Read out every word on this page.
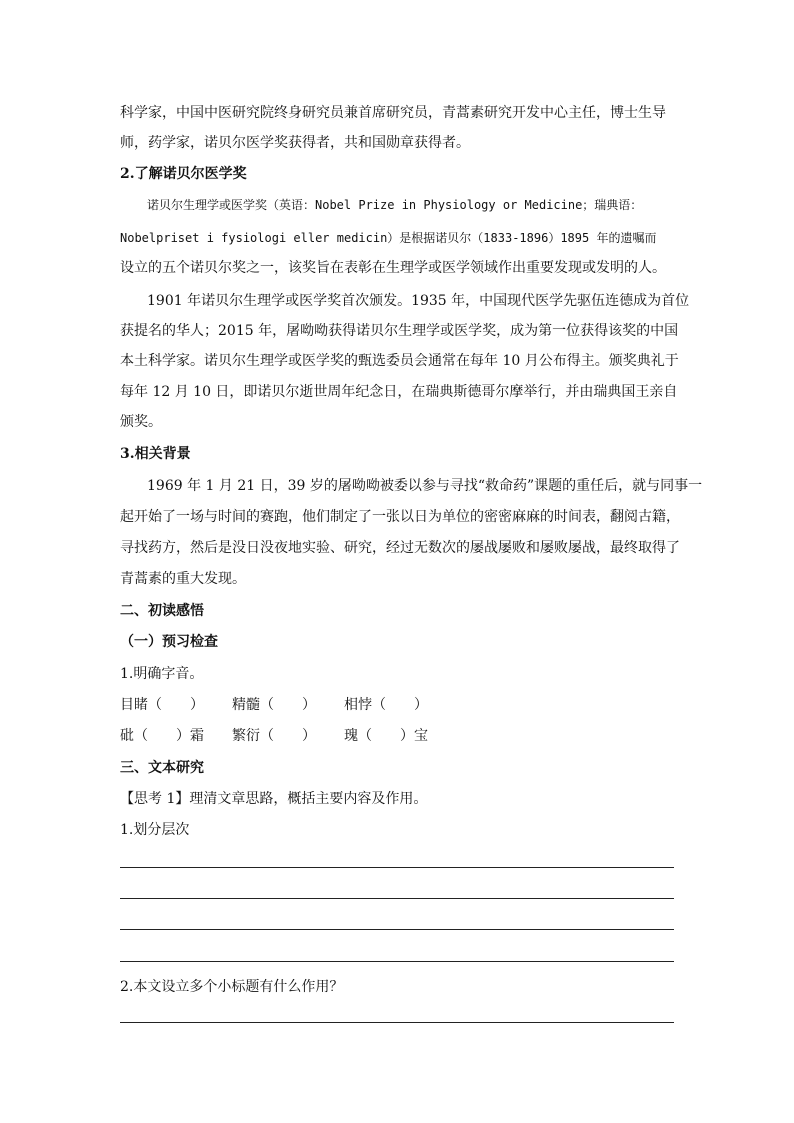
科学家，中国中医研究院终身研究员兼首席研究员，青蒿素研究开发中心主任，博士生导
师，药学家，诺贝尔医学奖获得者，共和国勋章获得者。
2.了解诺贝尔医学奖
诺贝尔生理学或医学奖（英语：Nobel Prize in Physiology or Medicine；瑞典语：
Nobelpriset i fysiologi eller medicin）是根据诺贝尔（1833-1896）1895 年的遗嘱而
设立的五个诺贝尔奖之一，该奖旨在表彰在生理学或医学领域作出重要发现或发明的人。
1901 年诺贝尔生理学或医学奖首次颁发。1935 年，中国现代医学先驱伍连德成为首位
获提名的华人；2015 年，屠呦呦获得诺贝尔生理学或医学奖，成为第一位获得该奖的中国
本土科学家。诺贝尔生理学或医学奖的甄选委员会通常在每年 10 月公布得主。颁奖典礼于
每年 12 月 10 日，即诺贝尔逝世周年纪念日，在瑞典斯德哥尔摩举行，并由瑞典国王亲自
颁奖。
3.相关背景
1969 年 1 月 21 日，39 岁的屠呦呦被委以参与寻找“救命药”课题的重任后，就与同事一
起开始了一场与时间的赛跑，他们制定了一张以日为单位的密密麻麻的时间表，翻阅古籍，
寻找药方，然后是没日没夜地实验、研究，经过无数次的屡战屡败和屡败屡战，最终取得了
青蒿素的重大发现。
二、初读感悟
（一）预习检查
1.明确字音。
目睹（　　） 精髓（　　） 相悖（　　）
砒（　　）霜 繁衍（　　） 瑰（　　）宝
三、文本研究
【思考 1】理清文章思路，概括主要内容及作用。
1.划分层次
2.本文设立多个小标题有什么作用？
